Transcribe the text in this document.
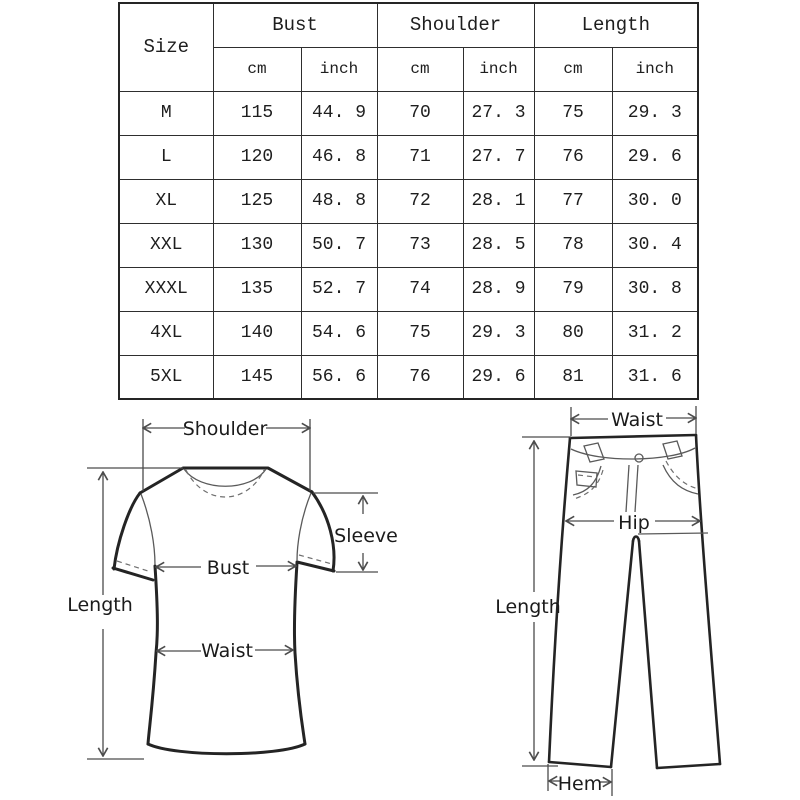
Size	Bust		Shoulder		Length	
	cm	inch	cm	inch	cm	inch
M	115	44. 9	70	27. 3	75	29. 3
L	120	46. 8	71	27. 7	76	29. 6
XL	125	48. 8	72	28. 1	77	30. 0
XXL	130	50. 7	73	28. 5	78	30. 4
XXXL	135	52. 7	74	28. 9	79	30. 8
4XL	140	54. 6	75	29. 3	80	31. 2
5XL	145	56. 6	76	29. 6	81	31. 6
Shoulder
Length
Bust
Waist
Sleeve
Waist
Hip
Length
Hem
